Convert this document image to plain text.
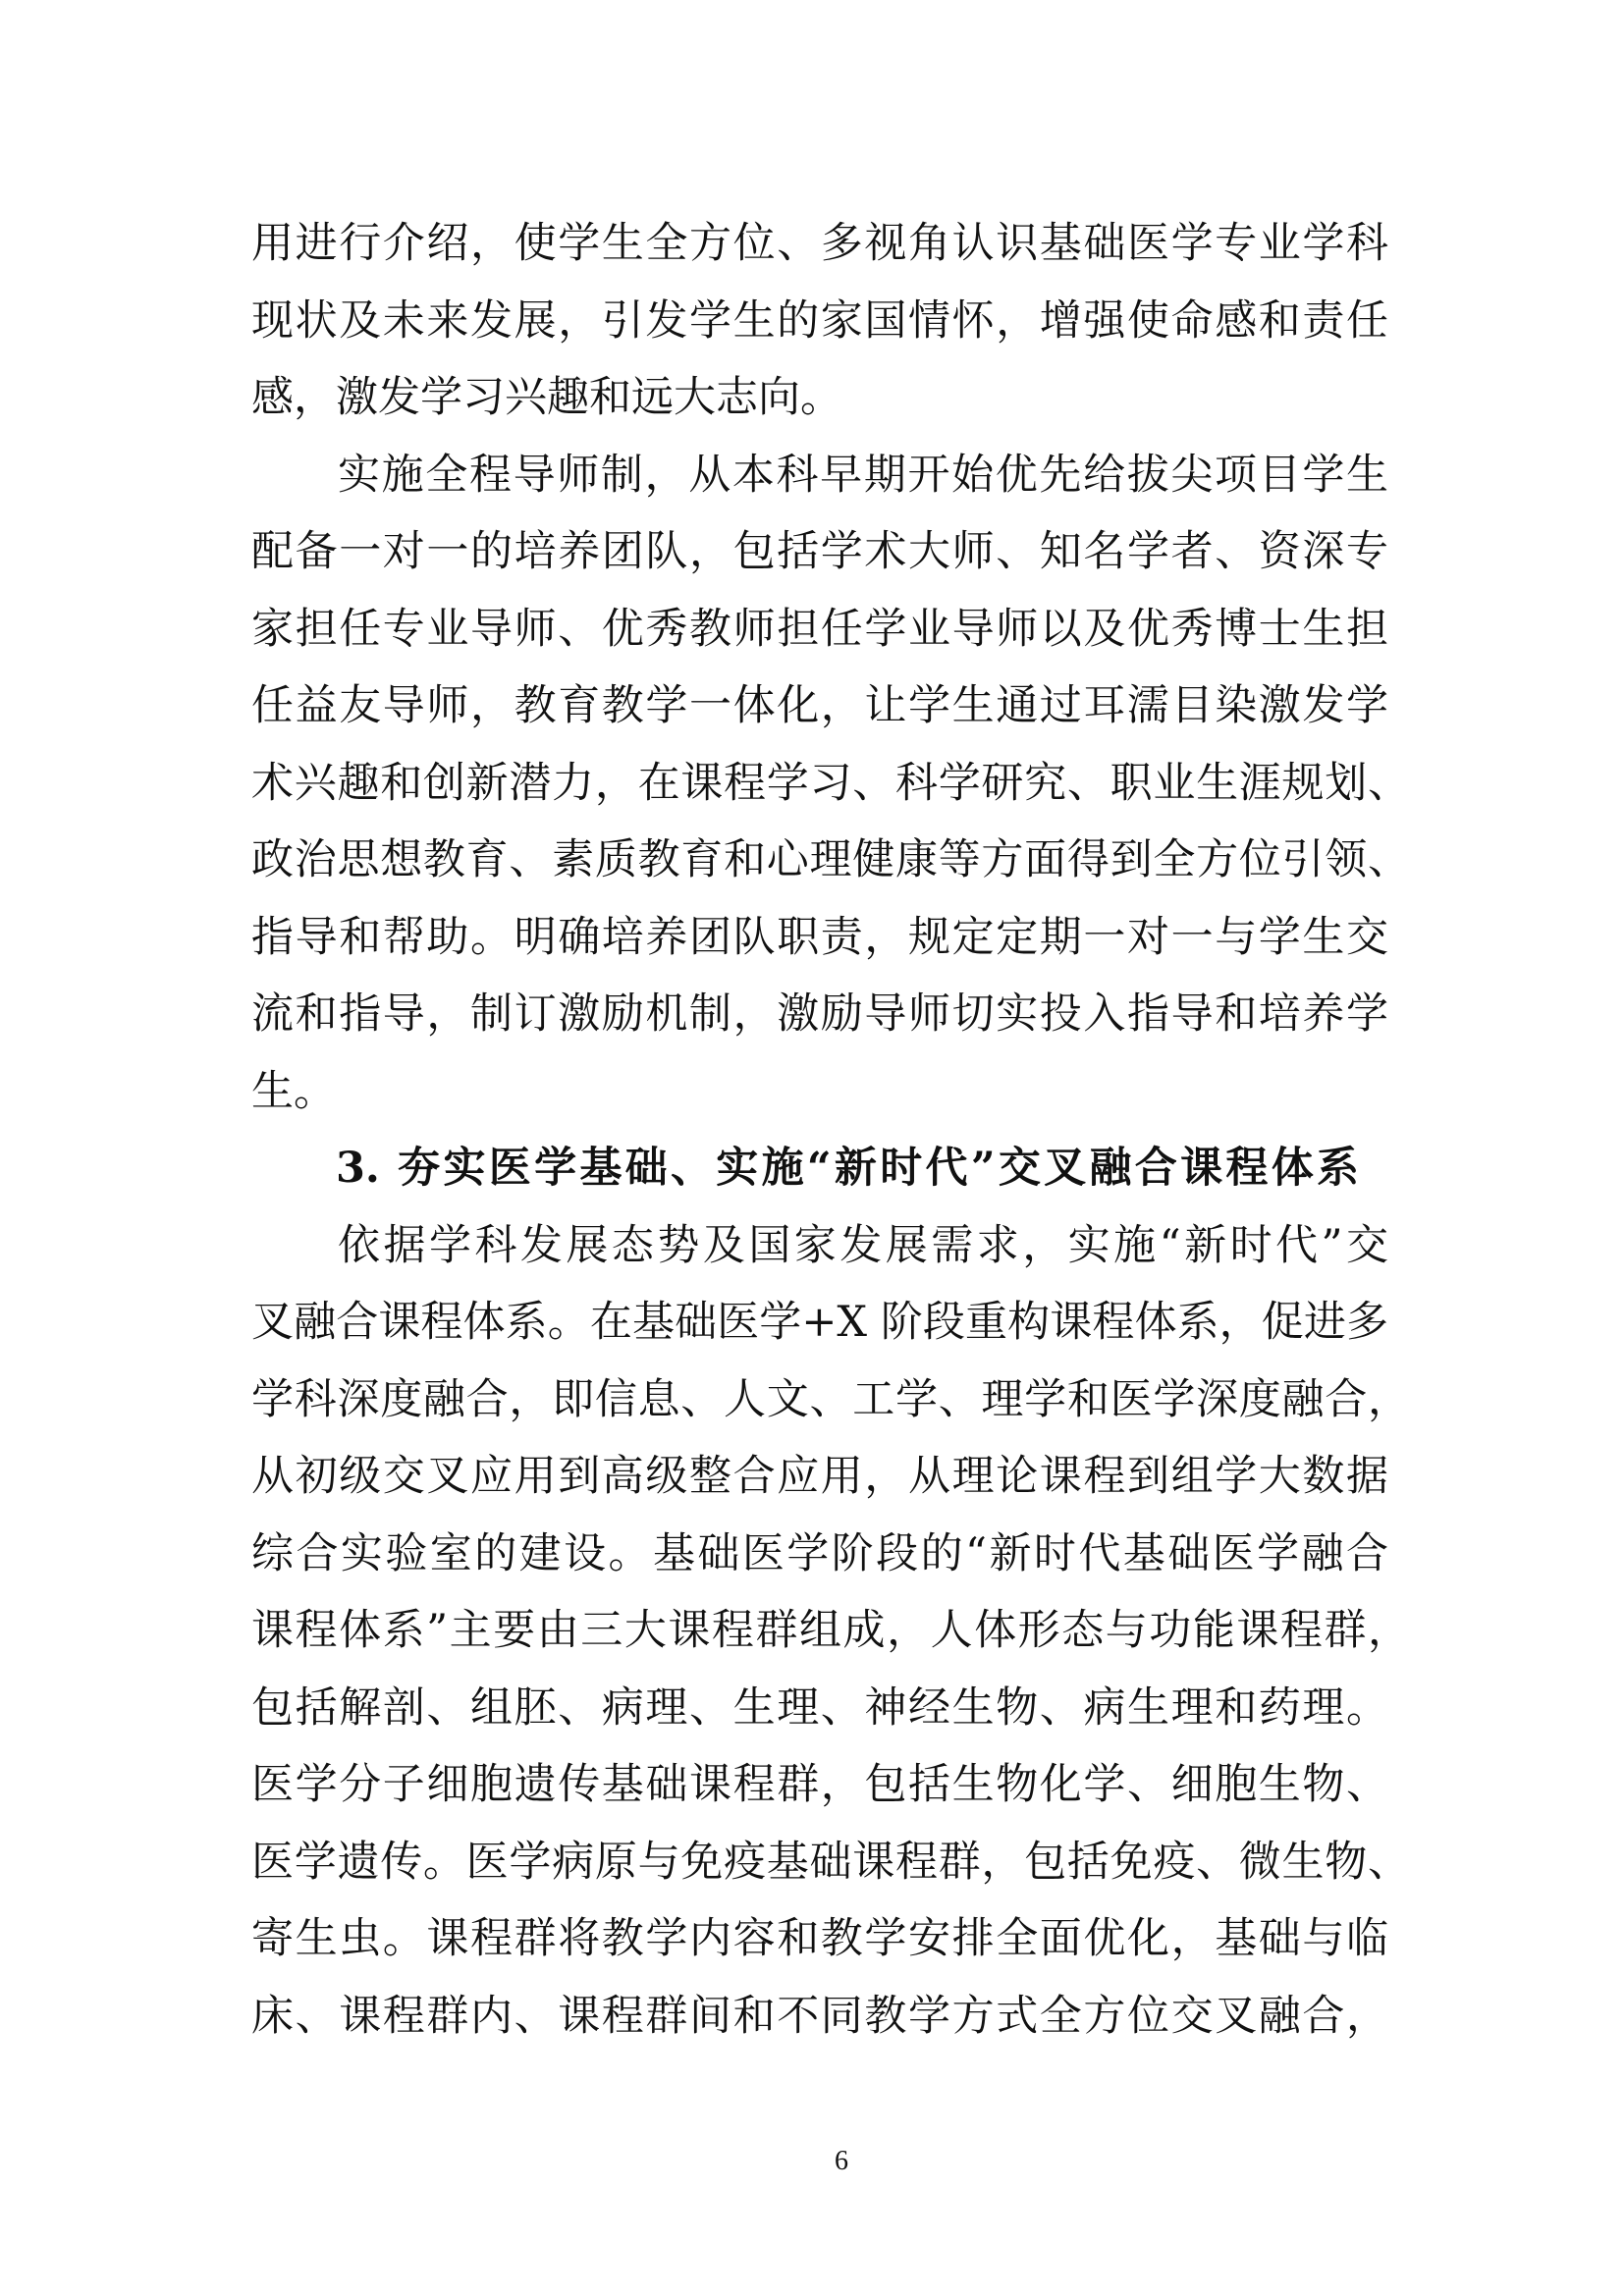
用进行介绍，使学生全方位、多视角认识基础医学专业学科
现状及未来发展，引发学生的家国情怀，增强使命感和责任
感，激发学习兴趣和远大志向。
实施全程导师制，从本科早期开始优先给拔尖项目学生
配备一对一的培养团队，包括学术大师、知名学者、资深专
家担任专业导师、优秀教师担任学业导师以及优秀博士生担
任益友导师，教育教学一体化，让学生通过耳濡目染激发学
术兴趣和创新潜力，在课程学习、科学研究、职业生涯规划、
政治思想教育、素质教育和心理健康等方面得到全方位引领、
指导和帮助。明确培养团队职责，规定定期一对一与学生交
流和指导，制订激励机制，激励导师切实投入指导和培养学
生。
3. 夯实医学基础、实施“新时代”交叉融合课程体系
依据学科发展态势及国家发展需求，实施“新时代”交
叉融合课程体系。在基础医学+X 阶段重构课程体系，促进多
学科深度融合，即信息、人文、工学、理学和医学深度融合，
从初级交叉应用到高级整合应用，从理论课程到组学大数据
综合实验室的建设。基础医学阶段的“新时代基础医学融合
课程体系”主要由三大课程群组成，人体形态与功能课程群，
包括解剖、组胚、病理、生理、神经生物、病生理和药理。
医学分子细胞遗传基础课程群，包括生物化学、细胞生物、
医学遗传。医学病原与免疫基础课程群，包括免疫、微生物、
寄生虫。课程群将教学内容和教学安排全面优化，基础与临
床、课程群内、课程群间和不同教学方式全方位交叉融合，
6
